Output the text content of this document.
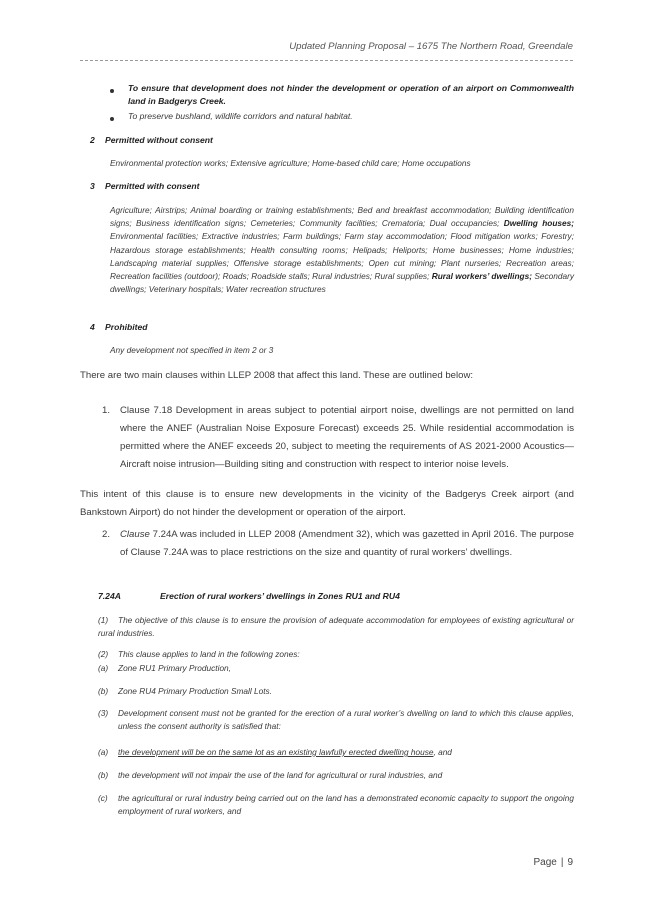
Updated Planning Proposal – 1675 The Northern Road, Greendale
To ensure that development does not hinder the development or operation of an airport on Commonwealth land in Badgerys Creek.
To preserve bushland, wildlife corridors and natural habitat.
2 Permitted without consent
Environmental protection works; Extensive agriculture; Home-based child care; Home occupations
3 Permitted with consent
Agriculture; Airstrips; Animal boarding or training establishments; Bed and breakfast accommodation; Building identification signs; Business identification signs; Cemeteries; Community facilities; Crematoria; Dual occupancies; Dwelling houses; Environmental facilities; Extractive industries; Farm buildings; Farm stay accommodation; Flood mitigation works; Forestry; Hazardous storage establishments; Health consulting rooms; Helipads; Heliports; Home businesses; Home industries; Landscaping material supplies; Offensive storage establishments; Open cut mining; Plant nurseries; Recreation areas; Recreation facilities (outdoor); Roads; Roadside stalls; Rural industries; Rural supplies; Rural workers’ dwellings; Secondary dwellings; Veterinary hospitals; Water recreation structures
4 Prohibited
Any development not specified in item 2 or 3
There are two main clauses within LLEP 2008 that affect this land. These are outlined below:
1. Clause 7.18 Development in areas subject to potential airport noise, dwellings are not permitted on land where the ANEF (Australian Noise Exposure Forecast) exceeds 25. While residential accommodation is permitted where the ANEF exceeds 20, subject to meeting the requirements of AS 2021-2000 Acoustics—Aircraft noise intrusion—Building siting and construction with respect to interior noise levels.
This intent of this clause is to ensure new developments in the vicinity of the Badgerys Creek airport (and Bankstown Airport) do not hinder the development or operation of the airport.
2. Clause 7.24A was included in LLEP 2008 (Amendment 32), which was gazetted in April 2016. The purpose of Clause 7.24A was to place restrictions on the size and quantity of rural workers’ dwellings.
7.24A	Erection of rural workers’ dwellings in Zones RU1 and RU4
(1)	The objective of this clause is to ensure the provision of adequate accommodation for employees of existing agricultural or rural industries.
(2) This clause applies to land in the following zones:
(a) Zone RU1 Primary Production,
(b) Zone RU4 Primary Production Small Lots.
(3) Development consent must not be granted for the erection of a rural worker’s dwelling on land to which this clause applies, unless the consent authority is satisfied that:
(a) the development will be on the same lot as an existing lawfully erected dwelling house, and
(b) the development will not impair the use of the land for agricultural or rural industries, and
(c) the agricultural or rural industry being carried out on the land has a demonstrated economic capacity to support the ongoing employment of rural workers, and
Page | 9
